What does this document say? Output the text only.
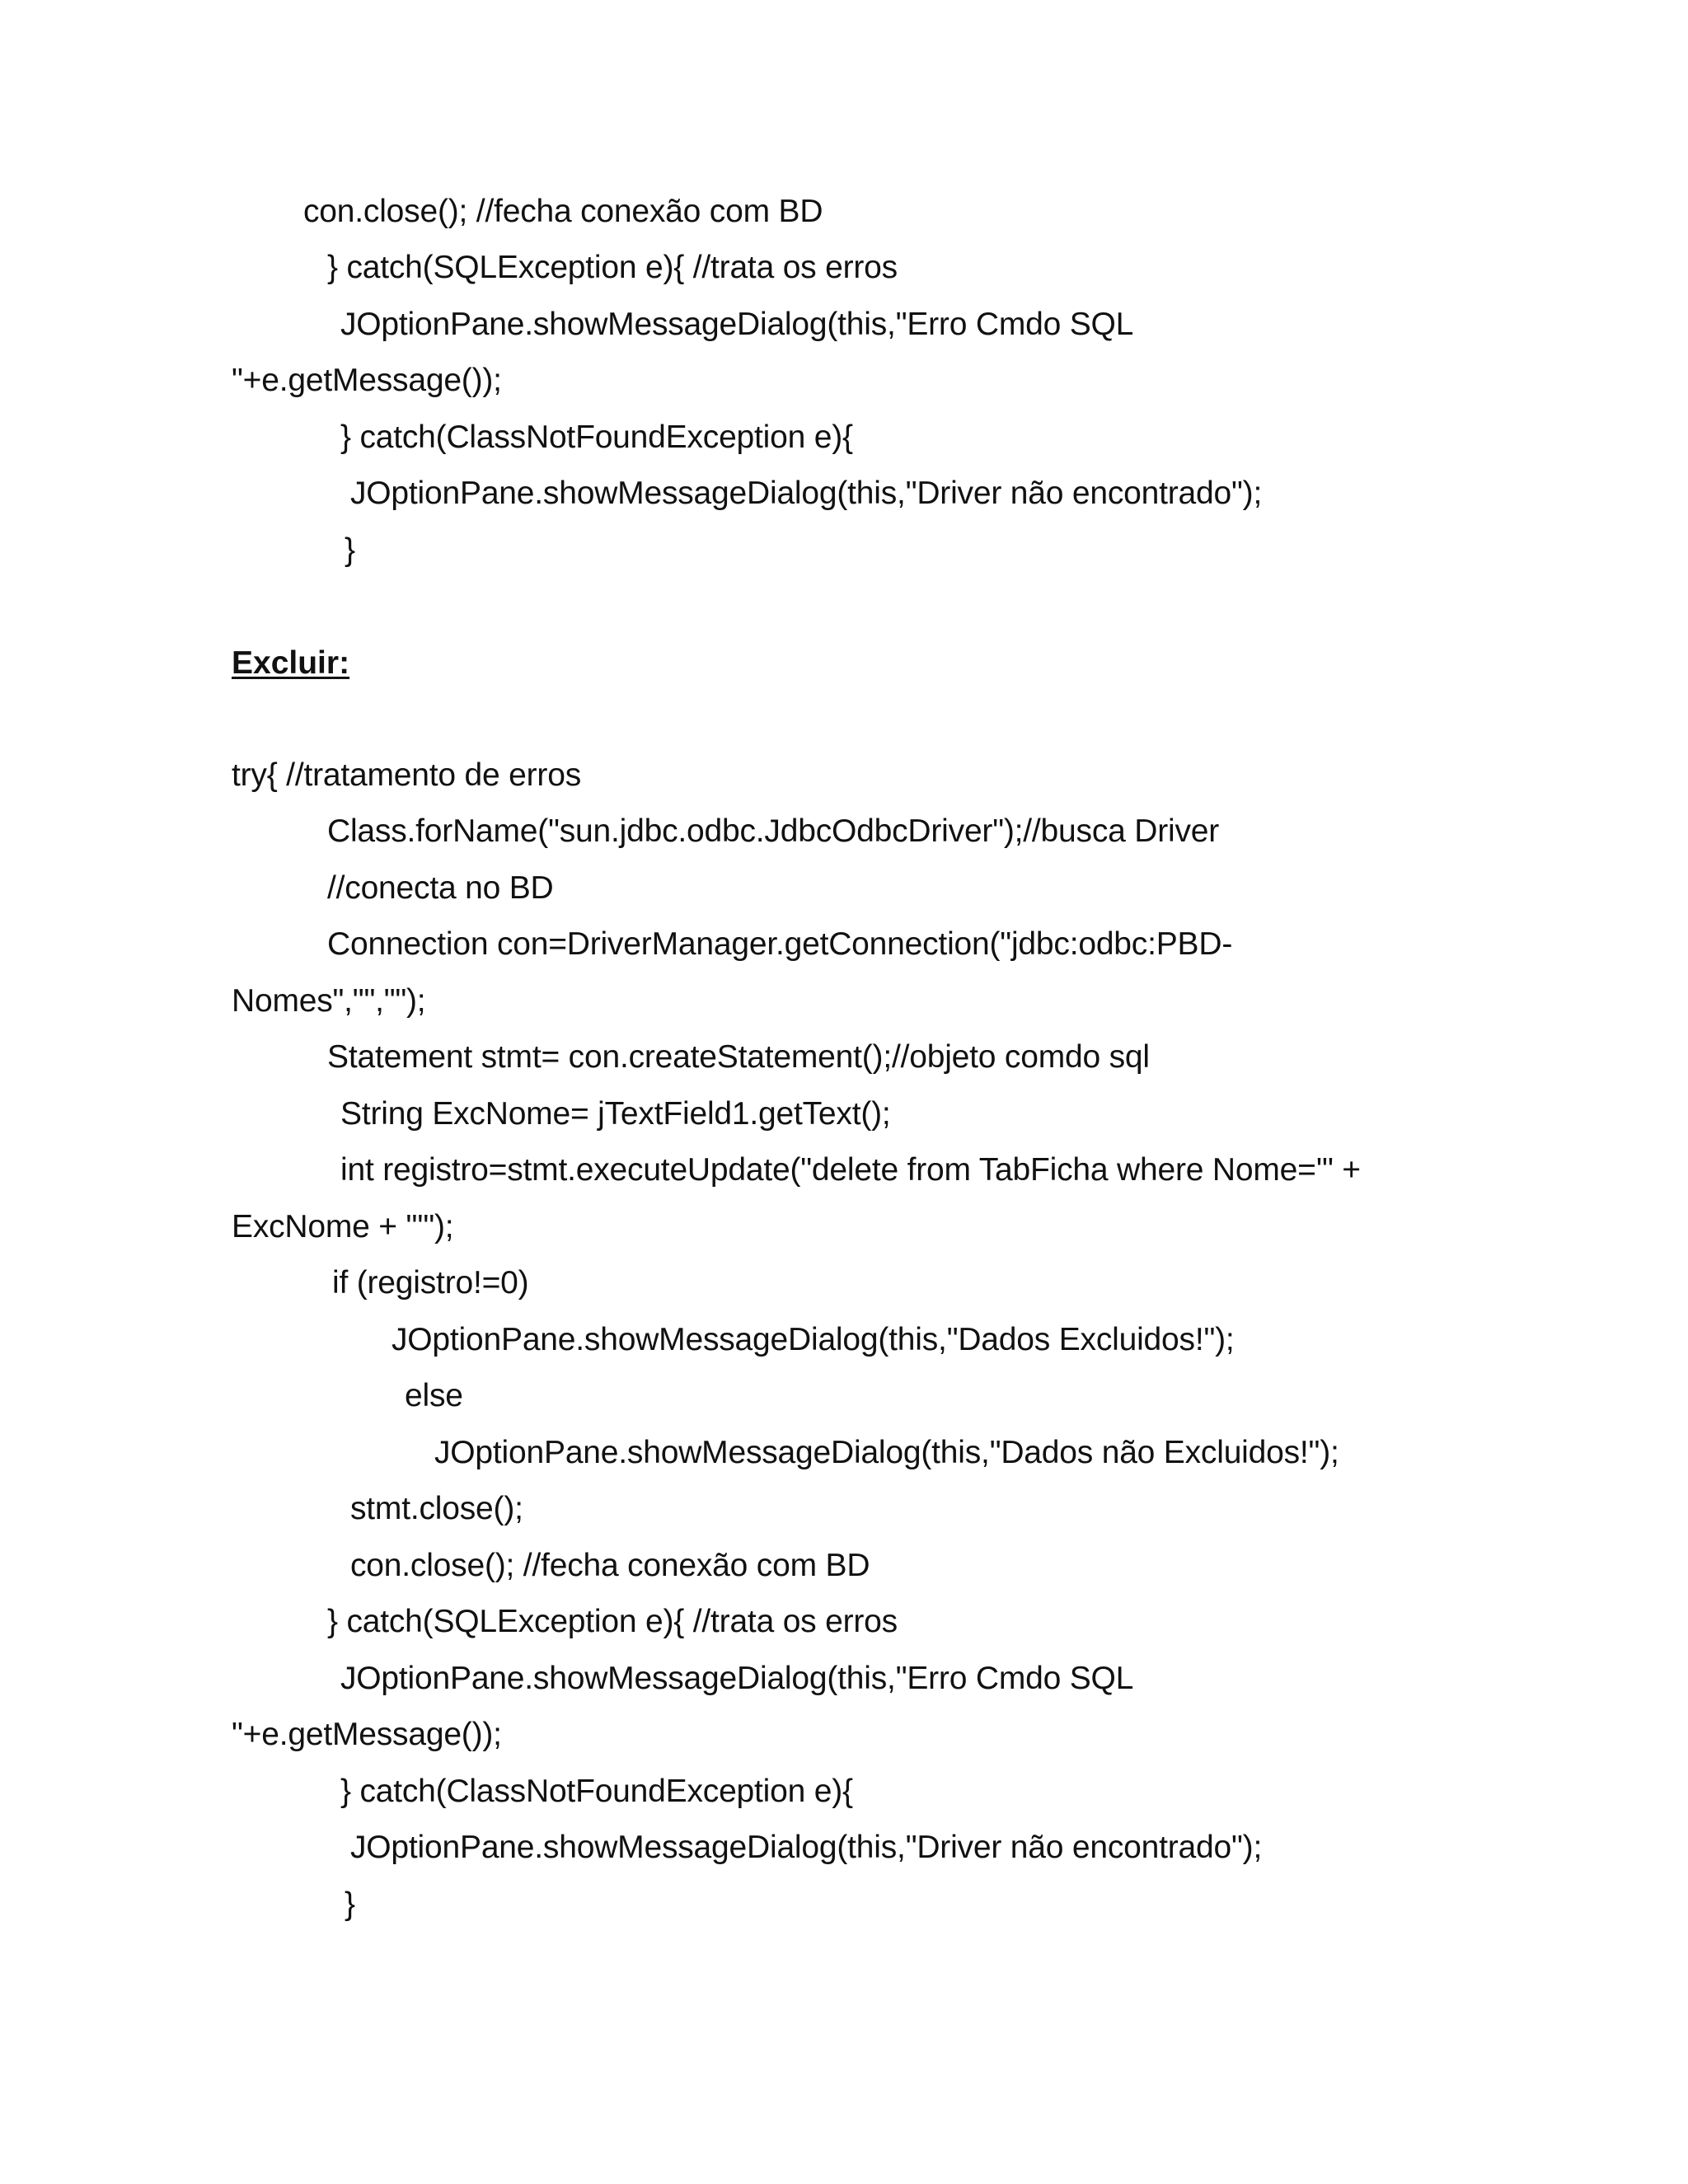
con.close(); //fecha conexão com BD
} catch(SQLException e){ //trata os erros
JOptionPane.showMessageDialog(this,"Erro Cmdo SQL
"+e.getMessage());
} catch(ClassNotFoundException e){
JOptionPane.showMessageDialog(this,"Driver não encontrado");
}
Excluir:
try{ //tratamento de erros
Class.forName("sun.jdbc.odbc.JdbcOdbcDriver");//busca Driver
//conecta no BD
Connection con=DriverManager.getConnection("jdbc:odbc:PBD-
Nomes","","");
Statement stmt= con.createStatement();//objeto comdo sql
String ExcNome= jTextField1.getText();
int registro=stmt.executeUpdate("delete from TabFicha where Nome='" +
ExcNome + "'");
if (registro!=0)
JOptionPane.showMessageDialog(this,"Dados Excluidos!");
else
JOptionPane.showMessageDialog(this,"Dados não Excluidos!");
stmt.close();
con.close(); //fecha conexão com BD
} catch(SQLException e){ //trata os erros
JOptionPane.showMessageDialog(this,"Erro Cmdo SQL
"+e.getMessage());
} catch(ClassNotFoundException e){
JOptionPane.showMessageDialog(this,"Driver não encontrado");
}
